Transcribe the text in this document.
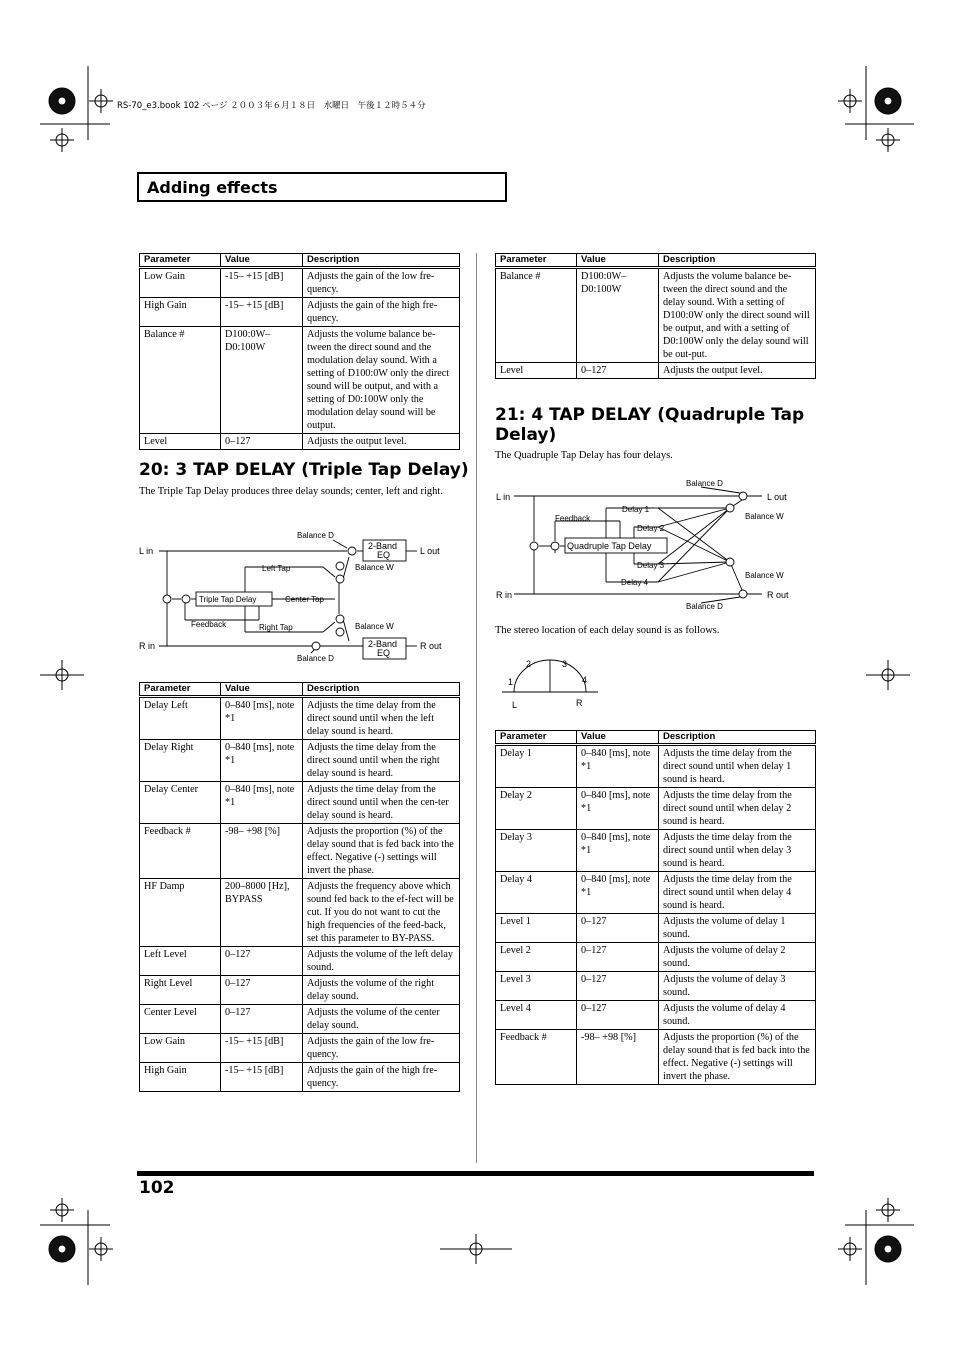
RS-70_e3.book 102 ページ ２００３年６月１８日　水曜日　午後１２時５４分
Adding effects
Parameter	Value	Description
Low Gain	-15– +15 [dB]	Adjusts the gain of the low fre-quency.
High Gain	-15– +15 [dB]	Adjusts the gain of the high fre-quency.
Balance #	D100:0W–D0:100W	Adjusts the volume balance be-tween the direct sound and the modulation delay sound. With a setting of D100:0W only the direct sound will be output, and with a setting of D0:100W only the modulation delay sound will be output.
Level	0–127	Adjusts the output level.
20: 3 TAP DELAY (Triple Tap Delay)

The Triple Tap Delay produces three delay sounds; center, left and right.

L in
R in
L out
R out
Balance D
Balance D
Balance W
Balance W
2-Band
EQ
2-Band
EQ
Left Tap
Center Tap
Right Tap
Triple Tap Delay
Feedback
Parameter	Value	Description
Delay Left	0–840 [ms], note *1	Adjusts the time delay from the direct sound until when the left delay sound is heard.
Delay Right	0–840 [ms], note *1	Adjusts the time delay from the direct sound until when the right delay sound is heard.
Delay Center	0–840 [ms], note *1	Adjusts the time delay from the direct sound until when the cen-ter delay sound is heard.
Feedback #	-98– +98 [%]	Adjusts the proportion (%) of the delay sound that is fed back into the effect. Negative (-) settings will invert the phase.
HF Damp	200–8000 [Hz], BYPASS	Adjusts the frequency above which sound fed back to the ef-fect will be cut. If you do not want to cut the high frequencies of the feed-back, set this parameter to BY-PASS.
Left Level	0–127	Adjusts the volume of the left delay sound.
Right Level	0–127	Adjusts the volume of the right delay sound.
Center Level	0–127	Adjusts the volume of the center delay sound.
Low Gain	-15– +15 [dB]	Adjusts the gain of the low fre-quency.
High Gain	-15– +15 [dB]	Adjusts the gain of the high fre-quency.
Parameter	Value	Description
Balance #	D100:0W–D0:100W	Adjusts the volume balance be-tween the direct sound and the delay sound. With a setting of D100:0W only the direct sound will be output, and with a setting of D0:100W only the delay sound will be out-put.
Level	0–127	Adjusts the output level.
21: 4 TAP DELAY (Quadruple Tap Delay)

The Quadruple Tap Delay has four delays.

L in
R in
L out
R out
Balance D
Balance D
Balance W
Balance W
Quadruple Tap Delay
Feedback
Delay 1
Delay 2
Delay 3
Delay 4

The stereo location of each delay sound is as follows.

2	3
1	4
L	R
Parameter	Value	Description
Delay 1	0–840 [ms], note *1	Adjusts the time delay from the direct sound until when delay 1 sound is heard.
Delay 2	0–840 [ms], note *1	Adjusts the time delay from the direct sound until when delay 2 sound is heard.
Delay 3	0–840 [ms], note *1	Adjusts the time delay from the direct sound until when delay 3 sound is heard.
Delay 4	0–840 [ms], note *1	Adjusts the time delay from the direct sound until when delay 4 sound is heard.
Level 1	0–127	Adjusts the volume of delay 1 sound.
Level 2	0–127	Adjusts the volume of delay 2 sound.
Level 3	0–127	Adjusts the volume of delay 3 sound.
Level 4	0–127	Adjusts the volume of delay 4 sound.
Feedback #	-98– +98 [%]	Adjusts the proportion (%) of the delay sound that is fed back into the effect. Negative (-) settings will invert the phase.
102
